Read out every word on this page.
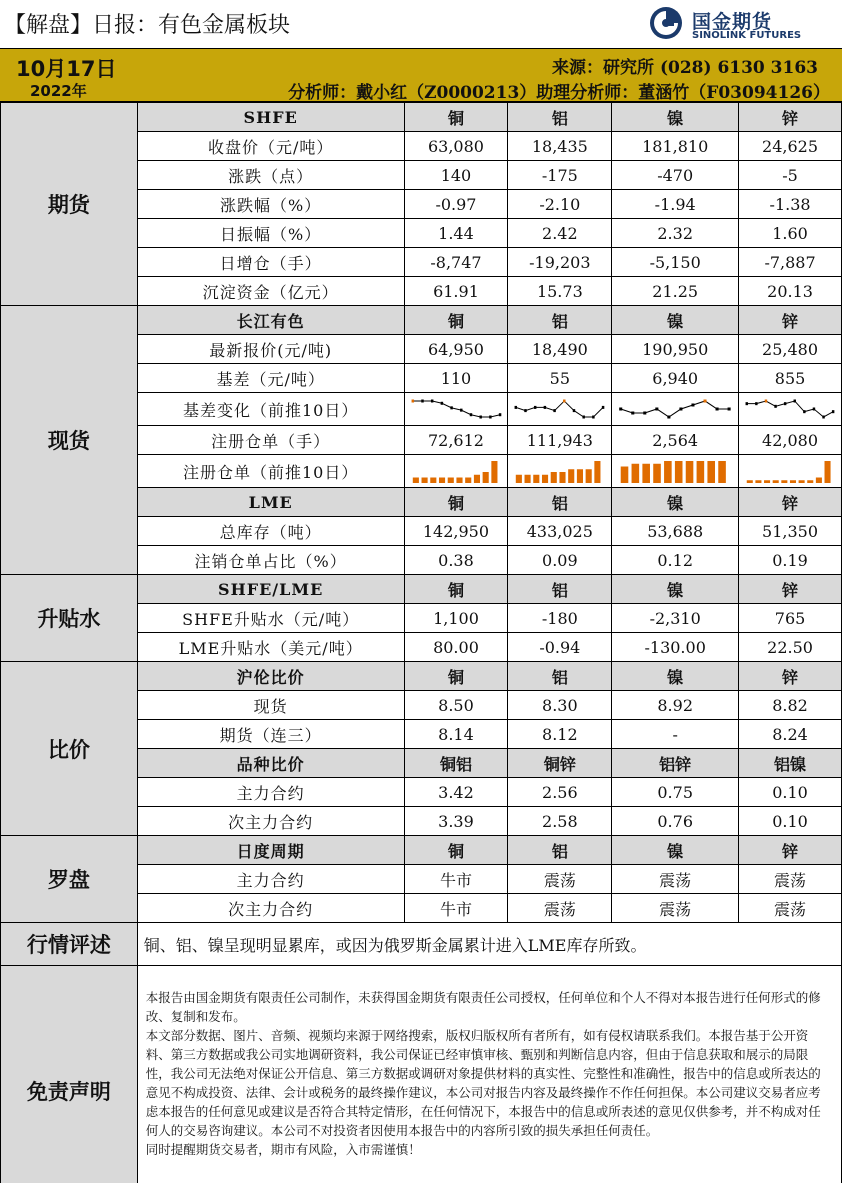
【解盘】日报：有色金属板块	国金期货
SINOLINK FUTURES
10月17日
2022年
来源：研究所 (028) 6130 3163
分析师：戴小红（Z0000213）助理分析师：董涵竹（F03094126）
期货	SHFE	铜	铝	镍	锌
	收盘价（元/吨）	63,080	18,435	181,810	24,625
	涨跌（点）	140	-175	-470	-5
	涨跌幅（%）	-0.97	-2.10	-1.94	-1.38
	日振幅（%）	1.44	2.42	2.32	1.60
	日增仓（手）	-8,747	-19,203	-5,150	-7,887
	沉淀资金（亿元）	61.91	15.73	21.25	20.13
现货	长江有色	铜	铝	镍	锌
	最新报价(元/吨)	64,950	18,490	190,950	25,480
	基差（元/吨）	110	55	6,940	855
	基差变化（前推10日）	

	注册仓单（手）	72,612	111,943	2,564	42,080
	注册仓单（前推10日）	

	LME	铜	铝	镍	锌
	总库存（吨）	142,950	433,025	53,688	51,350
	注销仓单占比（%）	0.38	0.09	0.12	0.19
升贴水	SHFE/LME	铜	铝	镍	锌
	SHFE升贴水（元/吨）	1,100	-180	-2,310	765
	LME升贴水（美元/吨）	80.00	-0.94	-130.00	22.50
比价	沪伦比价	铜	铝	镍	锌
	现货	8.50	8.30	8.92	8.82
	期货（连三）	8.14	8.12	-	8.24
	品种比价	铜铝	铜锌	铝锌	铝镍
	主力合约	3.42	2.56	0.75	0.10
	次主力合约	3.39	2.58	0.76	0.10
罗盘	日度周期	铜	铝	镍	锌
	主力合约	牛市	震荡	震荡	震荡
	次主力合约	牛市	震荡	震荡	震荡
行情评述	铜、铝、镍呈现明显累库，或因为俄罗斯金属累计进入LME库存所致。				
免责声明	本报告由国金期货有限责任公司制作，未获得国金期货有限责任公司授权，任何单位和个人不得对本报告进行任何形式的修改、复制和发布。
本文部分数据、图片、音频、视频均来源于网络搜索，版权归版权所有者所有，如有侵权请联系我们。本报告基于公开资料、第三方数据或我公司实地调研资料，我公司保证已经审慎审核、甄别和判断信息内容，但由于信息获取和展示的局限性，我公司无法绝对保证公开信息、第三方数据或调研对象提供材料的真实性、完整性和准确性，报告中的信息或所表达的意见不构成投资、法律、会计或税务的最终操作建议，本公司对报告内容及最终操作不作任何担保。本公司建议交易者应考虑本报告的任何意见或建议是否符合其特定情形，在任何情况下，本报告中的信息或所表述的意见仅供参考，并不构成对任何人的交易咨询建议。本公司不对投资者因使用本报告中的内容所引致的损失承担任何责任。
同时提醒期货交易者，期市有风险，入市需谨慎！				
